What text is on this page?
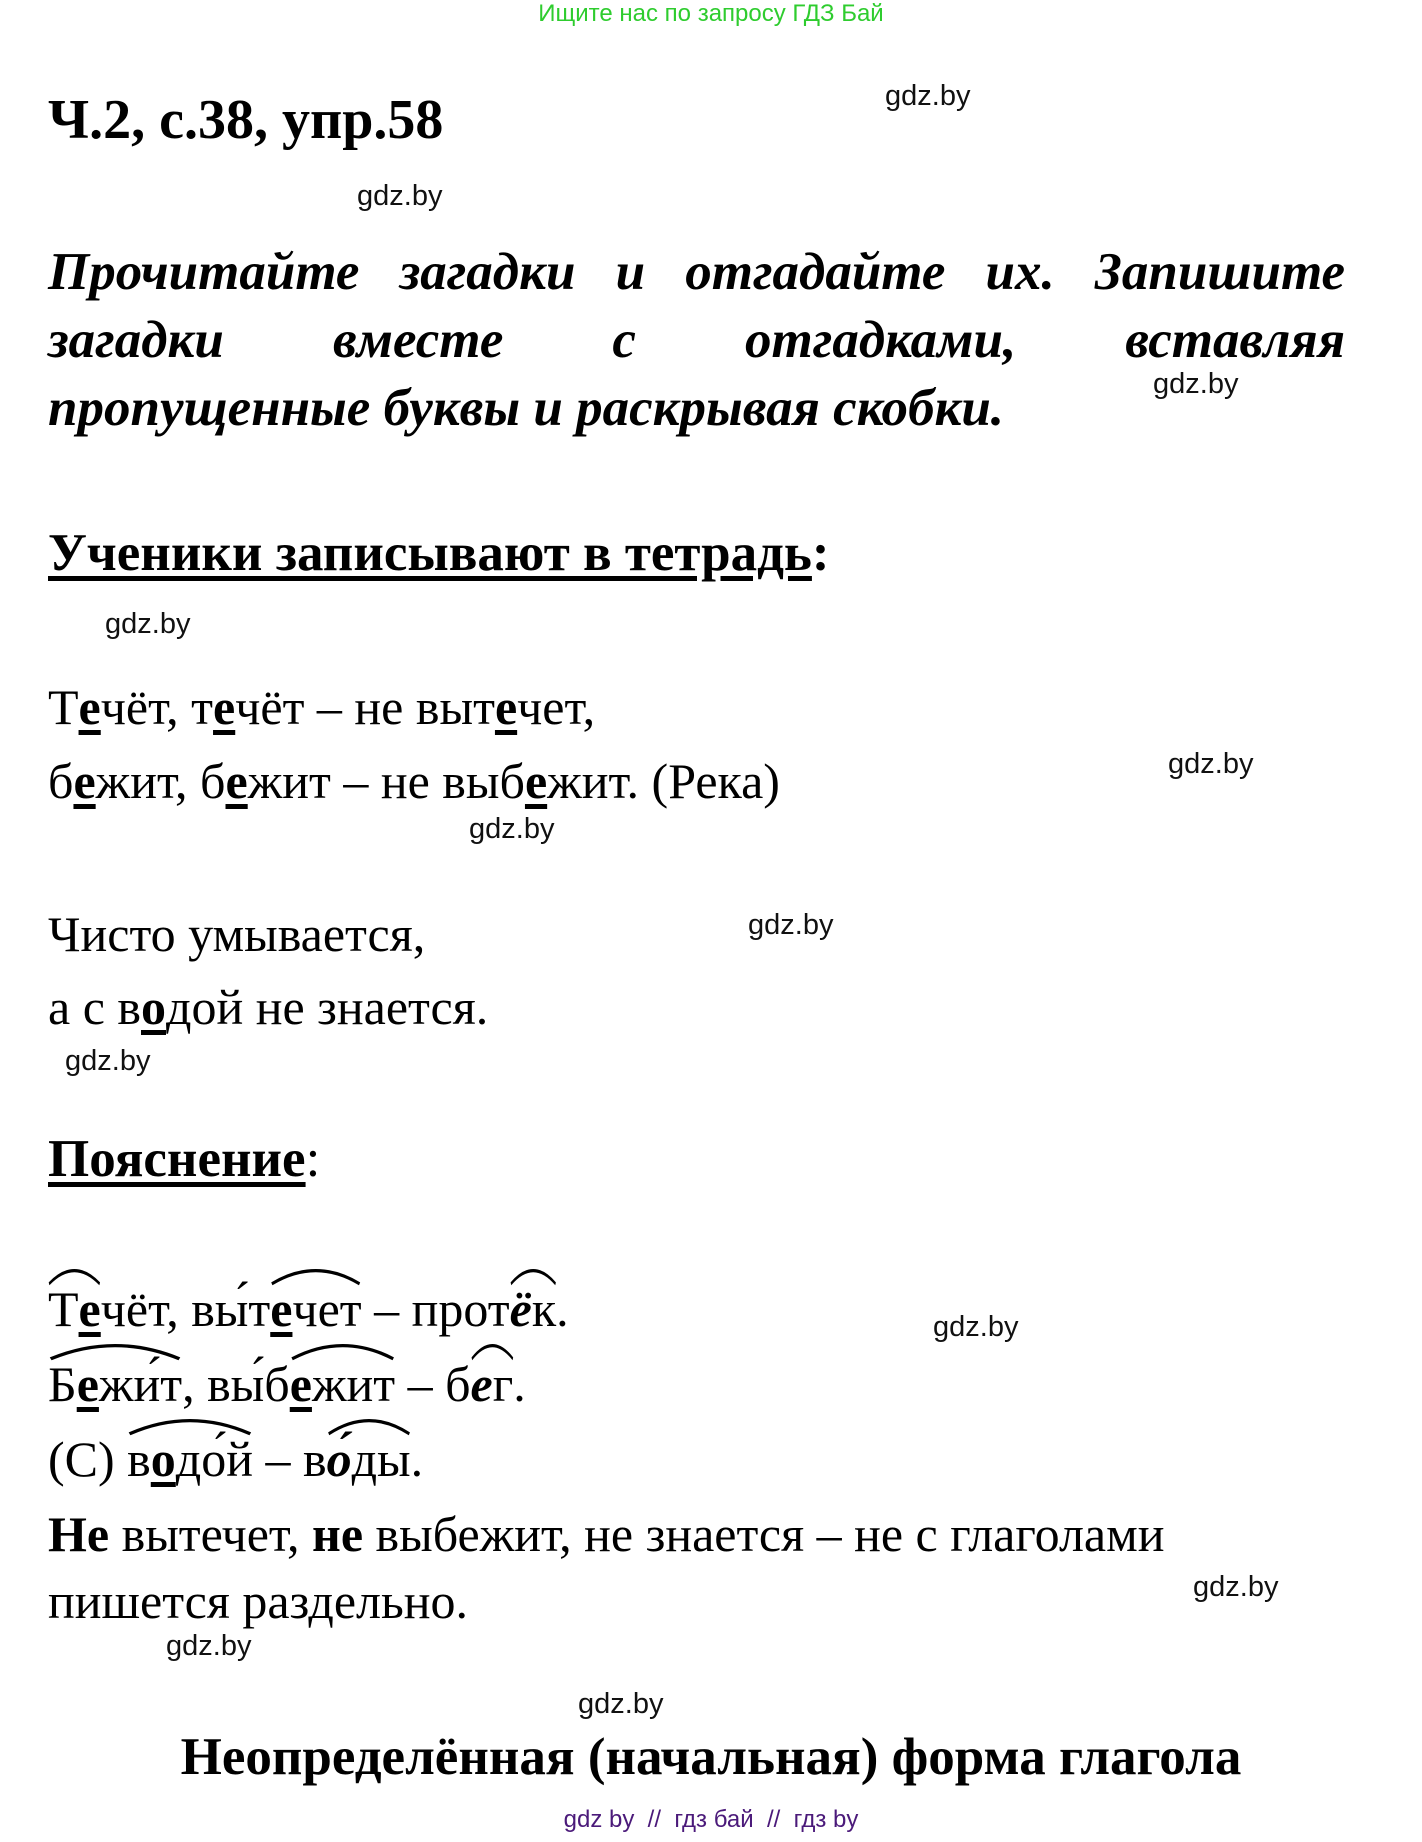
Ищите нас по запросу ГДЗ Бай
Ч.2, с.38, упр.58
Прочитайте загадки и отгадайте их. Запишите
загадки вместе с отгадками, вставляя
пропущенные буквы и раскрывая скобки.
Ученики записывают в тетрадь:
Течёт, течёт – не вытечет,
бежит, бежит – не выбежит. (Река)
Чисто умывается,
а с водой не знается.
Пояснение:
Течёт, вы́т
ечет – прот
ёк.
Бежи́т, вы́б
ежит – б
ег.
(С)
водо́й – в
о́ды.
Не вытечет, не выбежит, не знается – не с глаголами
пишется раздельно.
Неопределённая (начальная) форма глагола
gdz.by
gdz.by
gdz.by
gdz.by
gdz.by
gdz.by
gdz.by
gdz.by
gdz.by
gdz.by
gdz.by
gdz.by
gdz by  //  гдз бай  //  гдз by
